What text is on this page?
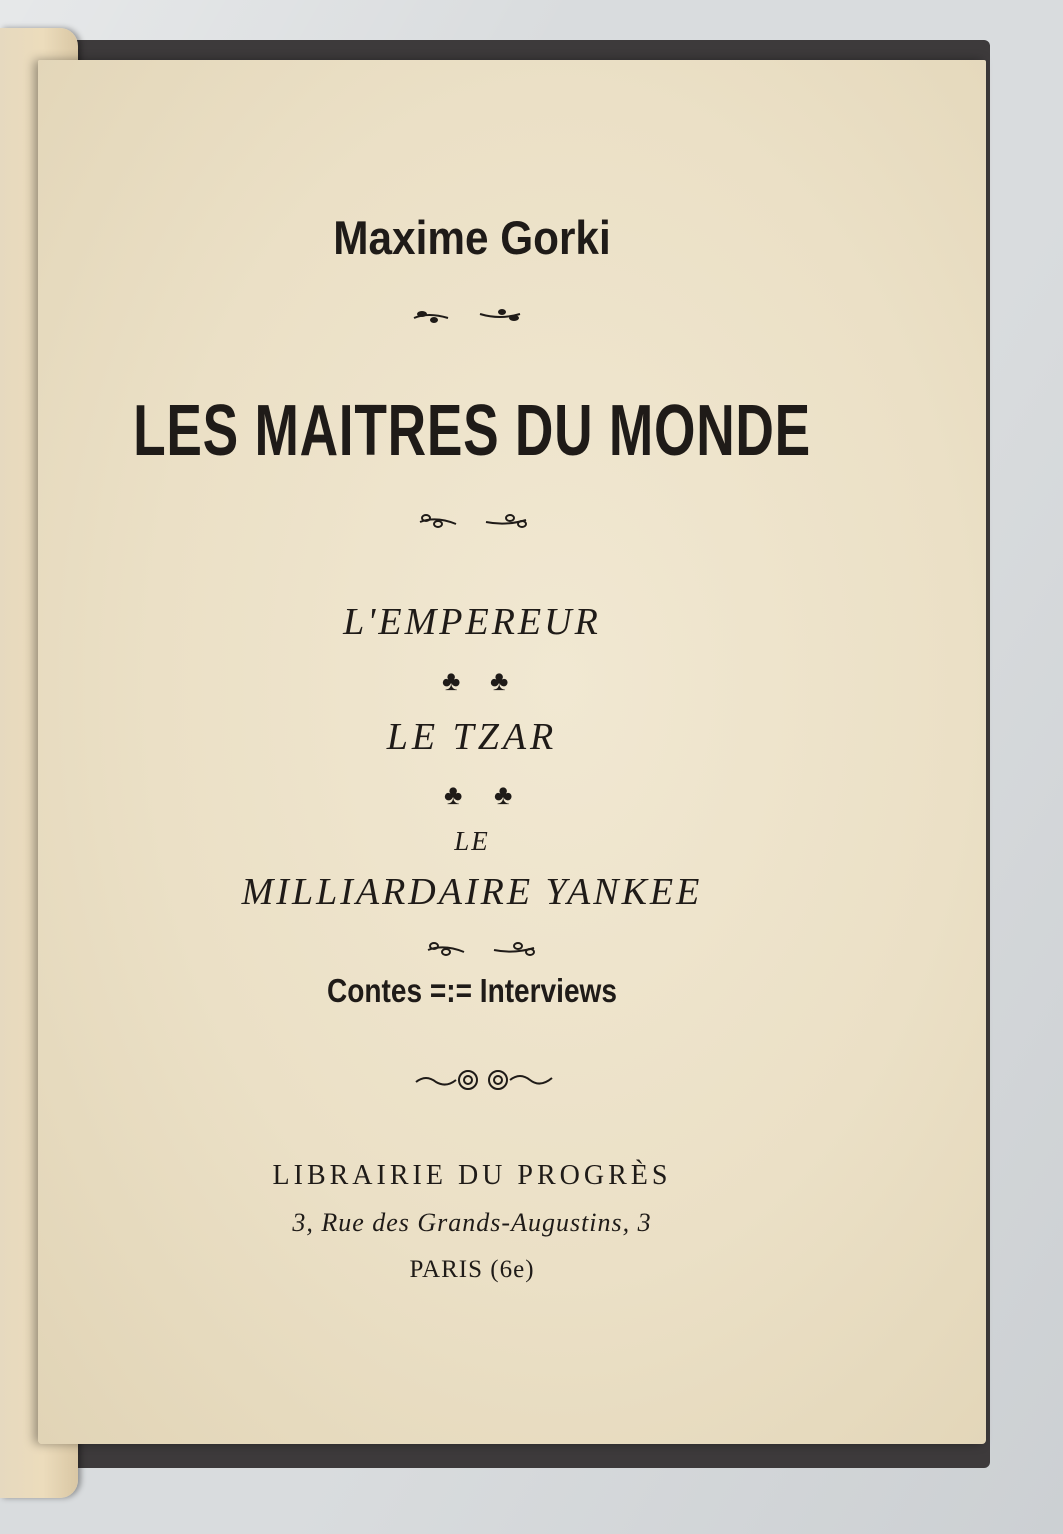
Maxime Gorki
LES MAITRES DU MONDE
L'EMPEREUR
♣ ♣
LE TZAR
♣ ♣
LE
MILLIARDAIRE YANKEE
Contes =:= Interviews
LIBRAIRIE DU PROGRÈS
3, Rue des Grands-Augustins, 3
PARIS (6e)
